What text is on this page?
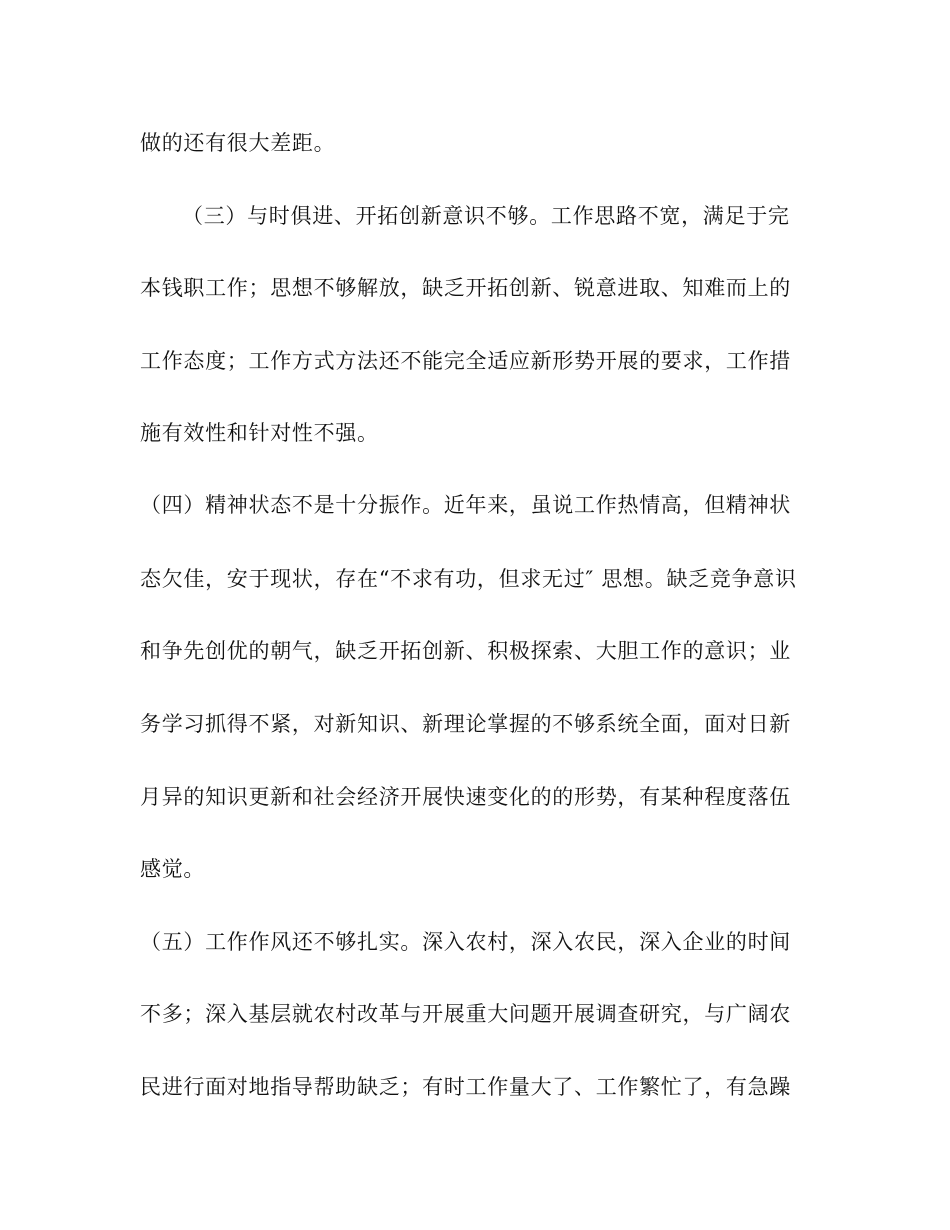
做的还有很大差距。

（三）与时俱进、开拓创新意识不够。工作思路不宽，满足于完

本钱职工作；思想不够解放，缺乏开拓创新、锐意进取、知难而上的

工作态度；工作方式方法还不能完全适应新形势开展的要求，工作措

施有效性和针对性不强。

（四）精神状态不是十分振作。近年来，虽说工作热情高，但精神状

态欠佳，安于现状，存在“不求有功，但求无过″ 思想。缺乏竞争意识

和争先创优的朝气，缺乏开拓创新、积极探索、大胆工作的意识；业

务学习抓得不紧，对新知识、新理论掌握的不够系统全面，面对日新

月异的知识更新和社会经济开展快速变化的的形势，有某种程度落伍

感觉。

（五）工作作风还不够扎实。深入农村，深入农民，深入企业的时间

不多；深入基层就农村改革与开展重大问题开展调查研究，与广阔农

民进行面对地指导帮助缺乏；有时工作量大了、工作繁忙了，有急躁
